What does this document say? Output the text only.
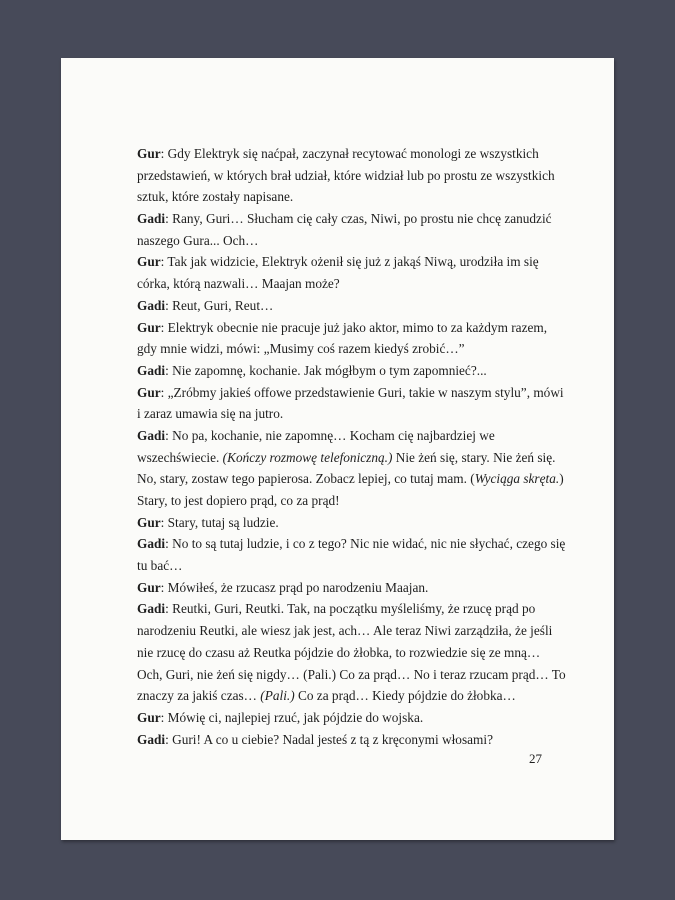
Gur: Gdy Elektryk się naćpał, zaczynał recytować monologi ze wszystkich
przedstawień, w których brał udział, które widział lub po prostu ze wszystkich
sztuk, które zostały napisane.
Gadi: Rany, Guri… Słucham cię cały czas, Niwi, po prostu nie chcę zanudzić
naszego Gura... Och…
Gur: Tak jak widzicie, Elektryk ożenił się już z jakąś Niwą, urodziła im się
córka, którą nazwali… Maajan może?
Gadi: Reut, Guri, Reut…
Gur: Elektryk obecnie nie pracuje już jako aktor, mimo to za każdym razem,
gdy mnie widzi, mówi: „Musimy coś razem kiedyś zrobić…”
Gadi: Nie zapomnę, kochanie. Jak mógłbym o tym zapomnieć?...
Gur: „Zróbmy jakieś offowe przedstawienie Guri, takie w naszym stylu”, mówi
i zaraz umawia się na jutro.
Gadi: No pa, kochanie, nie zapomnę… Kocham cię najbardziej we
wszechświecie. (Kończy rozmowę telefoniczną.) Nie żeń się, stary. Nie żeń się.
No, stary, zostaw tego papierosa. Zobacz lepiej, co tutaj mam. (Wyciąga skręta.)
Stary, to jest dopiero prąd, co za prąd!
Gur: Stary, tutaj są ludzie.
Gadi: No to są tutaj ludzie, i co z tego? Nic nie widać, nic nie słychać, czego się
tu bać…
Gur: Mówiłeś, że rzucasz prąd po narodzeniu Maajan.
Gadi: Reutki, Guri, Reutki. Tak, na początku myśleliśmy, że rzucę prąd po
narodzeniu Reutki, ale wiesz jak jest, ach… Ale teraz Niwi zarządziła, że jeśli
nie rzucę do czasu aż Reutka pójdzie do żłobka, to rozwiedzie się ze mną…
Och, Guri, nie żeń się nigdy… (Pali.) Co za prąd… No i teraz rzucam prąd… To
znaczy za jakiś czas… (Pali.) Co za prąd… Kiedy pójdzie do żłobka…
Gur: Mówię ci, najlepiej rzuć, jak pójdzie do wojska.
Gadi: Guri! A co u ciebie? Nadal jesteś z tą z kręconymi włosami?
27
